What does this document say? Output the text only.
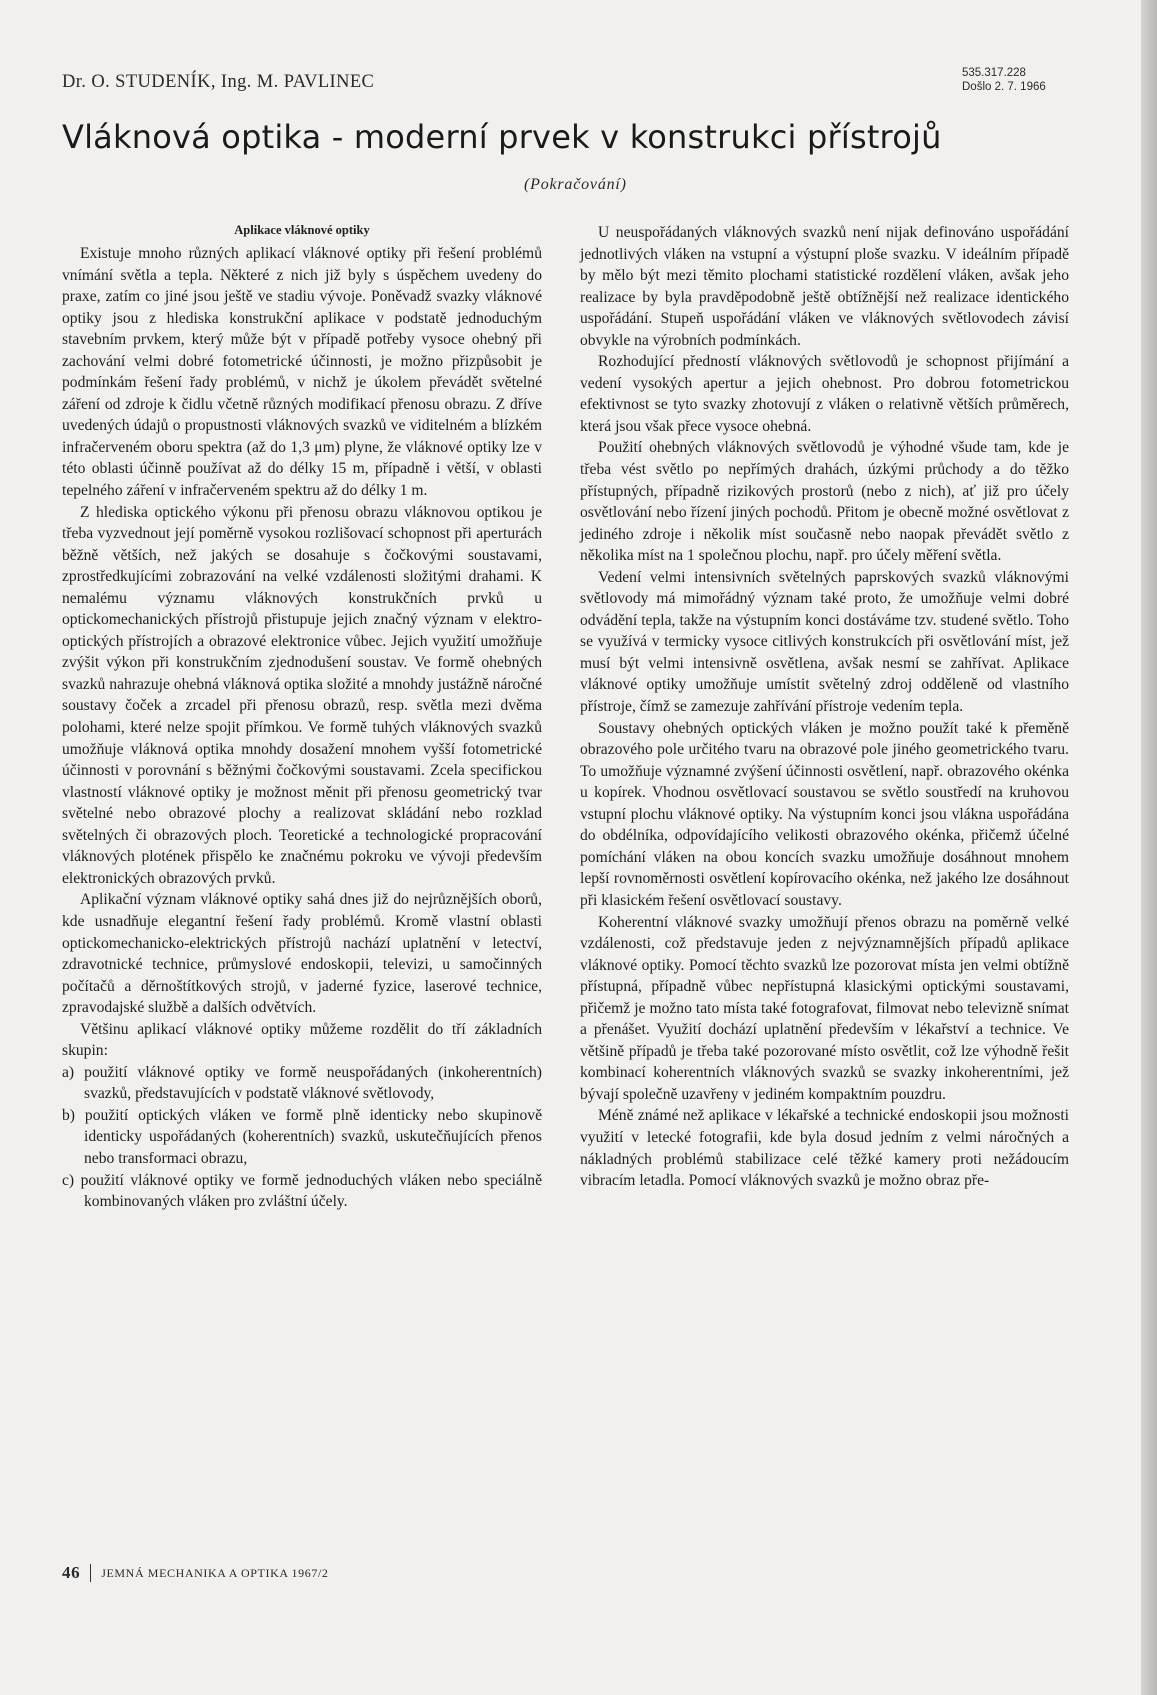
Dr. O. STUDENÍK, Ing. M. PAVLINEC	535.317.228
Došlo 2. 7. 1966
Vláknová optika - moderní prvek v konstrukci přístrojů
(Pokračování)
Aplikace vláknové optiky

Existuje mnoho různých aplikací vláknové optiky při řešení problémů vnímání světla a tepla. Některé z nich již byly s úspěchem uvedeny do praxe, zatím co jiné jsou ještě ve stadiu vývoje. Poněvadž svazky vláknové optiky jsou z hlediska konstrukční aplikace v podstatě jednoduchým stavebním prvkem, který může být v případě potřeby vysoce ohebný při zachování velmi dobré fotometrické účinnosti, je možno přizpůsobit je podmínkám řešení řady problémů, v nichž je úkolem převádět světelné záření od zdroje k čidlu včetně různých modifikací přenosu obrazu. Z dříve uvedených údajů o propustnosti vláknových svazků ve viditelném a blízkém infračerveném oboru spektra (až do 1,3 μm) plyne, že vláknové optiky lze v této oblasti účinně používat až do délky 15 m, případně i větší, v oblasti tepelného záření v infračerveném spektru až do délky 1 m.

Z hlediska optického výkonu při přenosu obrazu vláknovou optikou je třeba vyzvednout její poměrně vysokou rozlišovací schopnost při aperturách běžně větších, než jakých se dosahuje s čočkovými soustavami, zprostředkujícími zobrazování na velké vzdálenosti složitými drahami. K nemalému významu vláknových konstrukčních prvků u optickomechanických přístrojů přistupuje jejich značný význam v elektro-optických přístrojích a obrazové elektronice vůbec. Jejich využití umožňuje zvýšit výkon při konstrukčním zjednodušení soustav. Ve formě ohebných svazků nahrazuje ohebná vláknová optika složité a mnohdy justážně náročné soustavy čoček a zrcadel při přenosu obrazů, resp. světla mezi dvěma polohami, které nelze spojit přímkou. Ve formě tuhých vláknových svazků umožňuje vláknová optika mnohdy dosažení mnohem vyšší fotometrické účinnosti v porovnání s běžnými čočkovými soustavami. Zcela specifickou vlastností vláknové optiky je možnost měnit při přenosu geometrický tvar světelné nebo obrazové plochy a realizovat skládání nebo rozklad světelných či obrazových ploch. Teoretické a technologické propracování vláknových plotének přispělo ke značnému pokroku ve vývoji především elektronických obrazových prvků.

Aplikační význam vláknové optiky sahá dnes již do nejrůznějších oborů, kde usnadňuje elegantní řešení řady problémů. Kromě vlastní oblasti optickomechanicko-elektrických přístrojů nachází uplatnění v letectví, zdravotnické technice, průmyslové endoskopii, televizi, u samočinných počítačů a děrnoštítkových strojů, v jaderné fyzice, laserové technice, zpravodajské službě a dalších odvětvích.

Většinu aplikací vláknové optiky můžeme rozdělit do tří základních skupin:

a) použití vláknové optiky ve formě neuspořádaných (inkoherentních) svazků, představujících v podstatě vláknové světlovody,

b) použití optických vláken ve formě plně identicky nebo skupinově identicky uspořádaných (koherentních) svazků, uskutečňujících přenos nebo transformaci obrazu,

c) použití vláknové optiky ve formě jednoduchých vláken nebo speciálně kombinovaných vláken pro zvláštní účely.

U neuspořádaných vláknových svazků není nijak definováno uspořádání jednotlivých vláken na vstupní a výstupní ploše svazku. V ideálním případě by mělo být mezi těmito plochami statistické rozdělení vláken, avšak jeho realizace by byla pravděpodobně ještě obtížnější než realizace identického uspořádání. Stupeň uspořádání vláken ve vláknových světlovodech závisí obvykle na výrobních podmínkách.

Rozhodující předností vláknových světlovodů je schopnost přijímání a vedení vysokých apertur a jejich ohebnost. Pro dobrou fotometrickou efektivnost se tyto svazky zhotovují z vláken o relativně větších průměrech, která jsou však přece vysoce ohebná.

Použití ohebných vláknových světlovodů je výhodné všude tam, kde je třeba vést světlo po nepřímých drahách, úzkými průchody a do těžko přístupných, případně rizikových prostorů (nebo z nich), ať již pro účely osvětlování nebo řízení jiných pochodů. Přitom je obecně možné osvětlovat z jediného zdroje i několik míst současně nebo naopak převádět světlo z několika míst na 1 společnou plochu, např. pro účely měření světla.

Vedení velmi intensivních světelných paprskových svazků vláknovými světlovody má mimořádný význam také proto, že umožňuje velmi dobré odvádění tepla, takže na výstupním konci dostáváme tzv. studené světlo. Toho se využívá v termicky vysoce citlivých konstrukcích při osvětlování míst, jež musí být velmi intensivně osvětlena, avšak nesmí se zahřívat. Aplikace vláknové optiky umožňuje umístit světelný zdroj odděleně od vlastního přístroje, čímž se zamezuje zahřívání přístroje vedením tepla.

Soustavy ohebných optických vláken je možno použít také k přeměně obrazového pole určitého tvaru na obrazové pole jiného geometrického tvaru. To umožňuje významné zvýšení účinnosti osvětlení, např. obrazového okénka u kopírek. Vhodnou osvětlovací soustavou se světlo soustředí na kruhovou vstupní plochu vláknové optiky. Na výstupním konci jsou vlákna uspořádána do obdélníka, odpovídajícího velikosti obrazového okénka, přičemž účelné pomíchání vláken na obou koncích svazku umožňuje dosáhnout mnohem lepší rovnoměrnosti osvětlení kopírovacího okénka, než jakého lze dosáhnout při klasickém řešení osvětlovací soustavy.

Koherentní vláknové svazky umožňují přenos obrazu na poměrně velké vzdálenosti, což představuje jeden z nejvýznamnějších případů aplikace vláknové optiky. Pomocí těchto svazků lze pozorovat místa jen velmi obtížně přístupná, případně vůbec nepřístupná klasickými optickými soustavami, přičemž je možno tato místa také fotografovat, filmovat nebo televizně snímat a přenášet. Využití dochází uplatnění především v lékařství a technice. Ve většině případů je třeba také pozorované místo osvětlit, což lze výhodně řešit kombinací koherentních vláknových svazků se svazky inkoherentními, jež bývají společně uzavřeny v jediném kompaktním pouzdru.

Méně známé než aplikace v lékařské a technické endoskopii jsou možnosti využití v letecké fotografii, kde byla dosud jedním z velmi náročných a nákladných problémů stabilizace celé těžké kamery proti nežádoucím vibracím letadla. Pomocí vláknových svazků je možno obraz pře-

46 JEMNÁ MECHANIKA A OPTIKA 1967/2
